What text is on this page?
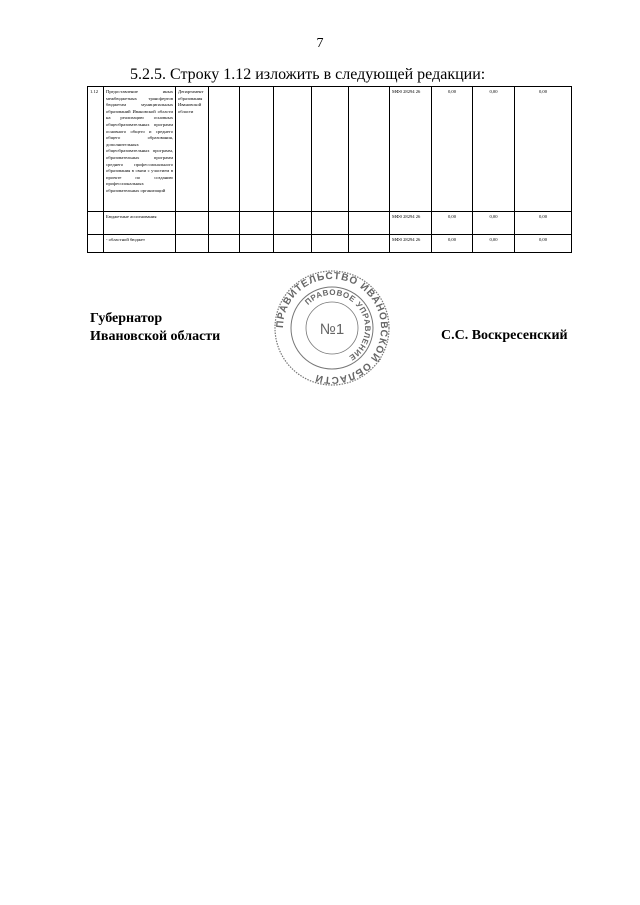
7
5.2.5. Строку 1.12 изложить в следующей редакции:
1.12	Предоставление иных межбюджетных трансфертов бюджетам муниципальных образований Ивановской области на реализацию основных общеобразовательных программ основного общего и среднего общего образования, дополнительных общеобразовательных программ, образовательных программ среднего профессионального образования в связи с участием в проекте по созданию профессиональных образовательных организаций	Департамент образования Ивановской области						МФ0 28294 26	0,00	0,00	0,00
	Бюджетные ассигнования							МФ0 28294 26	0,00	0,00	0,00
	- областной бюджет							МФ0 28294 26	0,00	0,00	0,00
Губернатор
Ивановской области	С.С. Воскресенский
ПРАВИТЕЛЬСТВО ИВАНОВСКОЙ ОБЛАСТИ
ПРАВОВОЕ УПРАВЛЕНИЕ
№1
